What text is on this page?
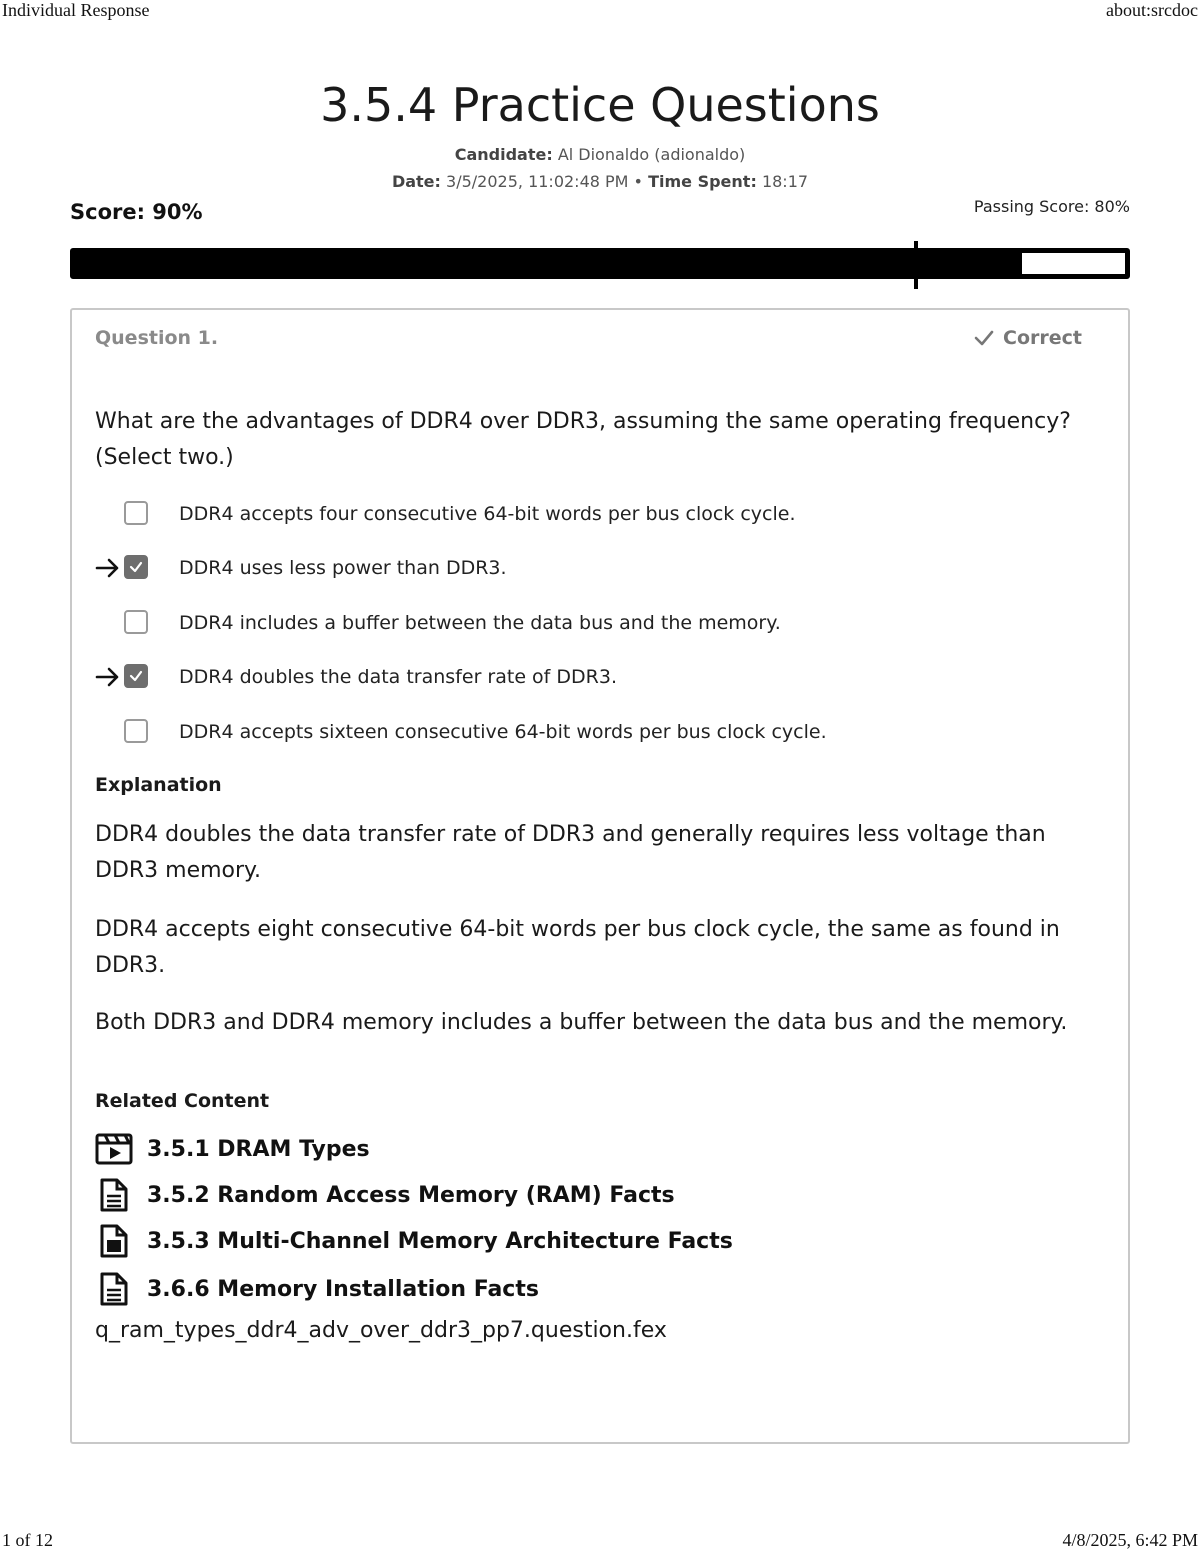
Individual Response	about:srcdoc
3.5.4 Practice Questions
Candidate: Al Dionaldo (adionaldo)
Date: 3/5/2025, 11:02:48 PM • Time Spent: 18:17
Score: 90%	Passing Score: 80%
Question 1.	Correct
What are the advantages of DDR4 over DDR3, assuming the same operating frequency? (Select two.)
DDR4 accepts four consecutive 64-bit words per bus clock cycle.
DDR4 uses less power than DDR3.
DDR4 includes a buffer between the data bus and the memory.
DDR4 doubles the data transfer rate of DDR3.
DDR4 accepts sixteen consecutive 64-bit words per bus clock cycle.
Explanation
DDR4 doubles the data transfer rate of DDR3 and generally requires less voltage than DDR3 memory.
DDR4 accepts eight consecutive 64-bit words per bus clock cycle, the same as found in DDR3.
Both DDR3 and DDR4 memory includes a buffer between the data bus and the memory.
Related Content
3.5.1 DRAM Types
3.5.2 Random Access Memory (RAM) Facts
3.5.3 Multi-Channel Memory Architecture Facts
3.6.6 Memory Installation Facts
q_ram_types_ddr4_adv_over_ddr3_pp7.question.fex
1 of 12	4/8/2025, 6:42 PM
